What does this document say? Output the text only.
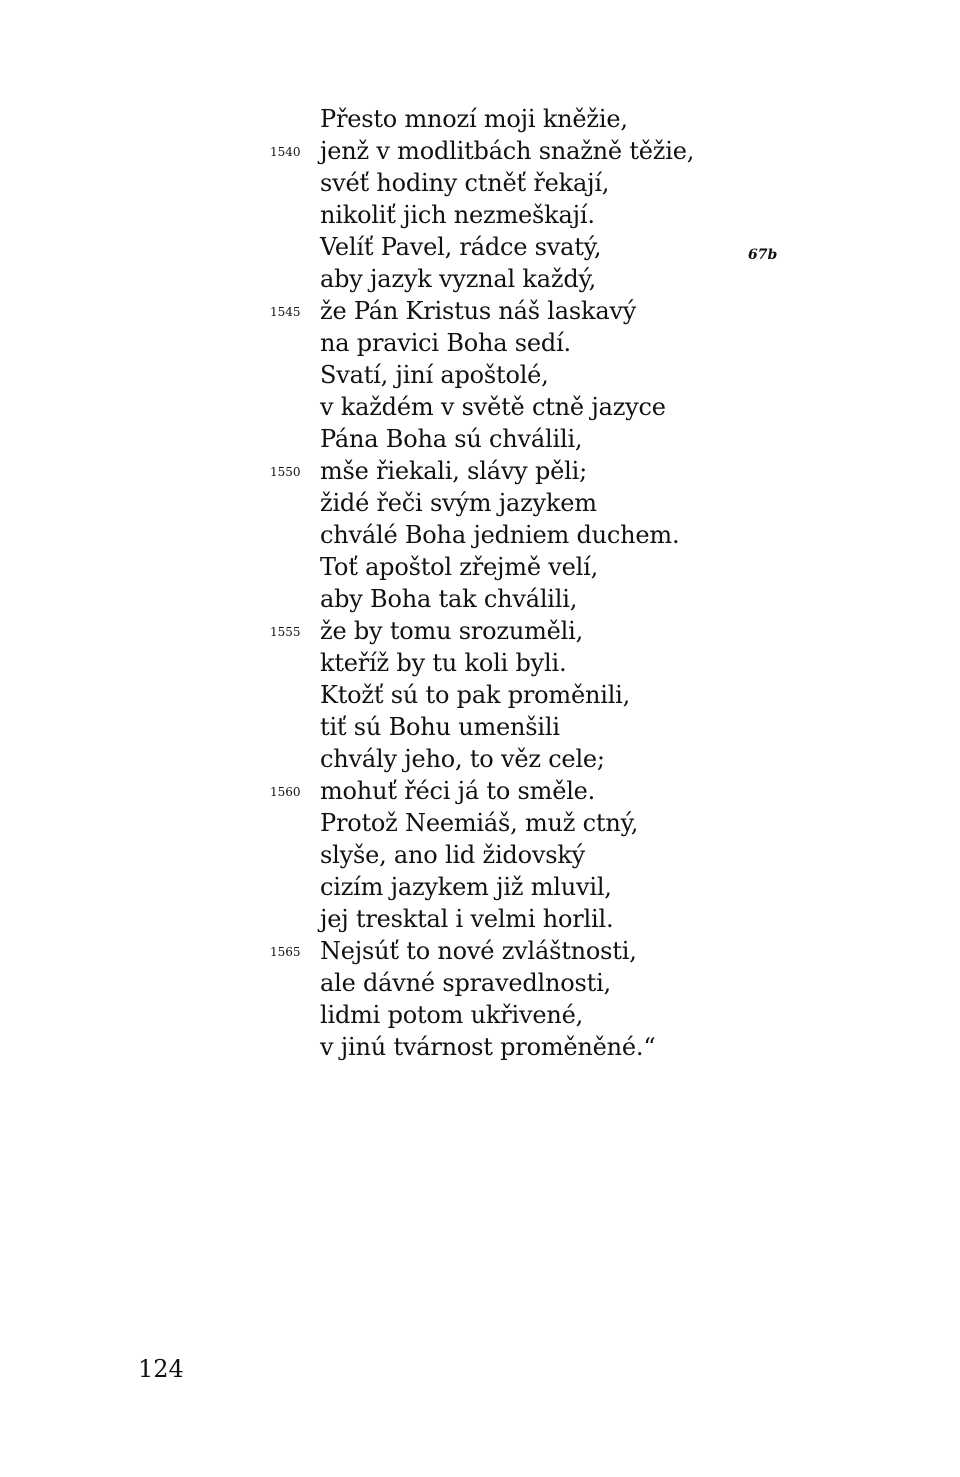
Přesto mnozí moji kněžie,
1540 jenž v modlitbách snažně těžie,
svéť hodiny ctněť řekají,
nikoliť jich nezmeškají.
Velíť Pavel, rádce svatý,
aby jazyk vyznal každý,
1545 že Pán Kristus náš laskavý
na pravici Boha sedí.
Svatí, jiní apoštolé,
v každém v světě ctně jazyce
Pána Boha sú chválili,
1550 mše řiekali, slávy pěli;
židé řeči svým jazykem
chválé Boha jedniem duchem.
Toť apoštol zřejmě velí,
aby Boha tak chválili,
1555 že by tomu srozuměli,
kteříž by tu koli byli.
Ktožť sú to pak proměnili,
tiť sú Bohu umenšili
chvály jeho, to věz cele;
1560 mohuť řéci já to směle.
Protož Neemiáš, muž ctný,
slyše, ano lid židovský
cizím jazykem již mluvil,
jej tresktal i velmi horlil.
1565 Nejsúť to nové zvláštnosti,
ale dávné spravedlnosti,
lidmi potom ukřivené,
v jinú tvárnost proměněné.“
67b
124
